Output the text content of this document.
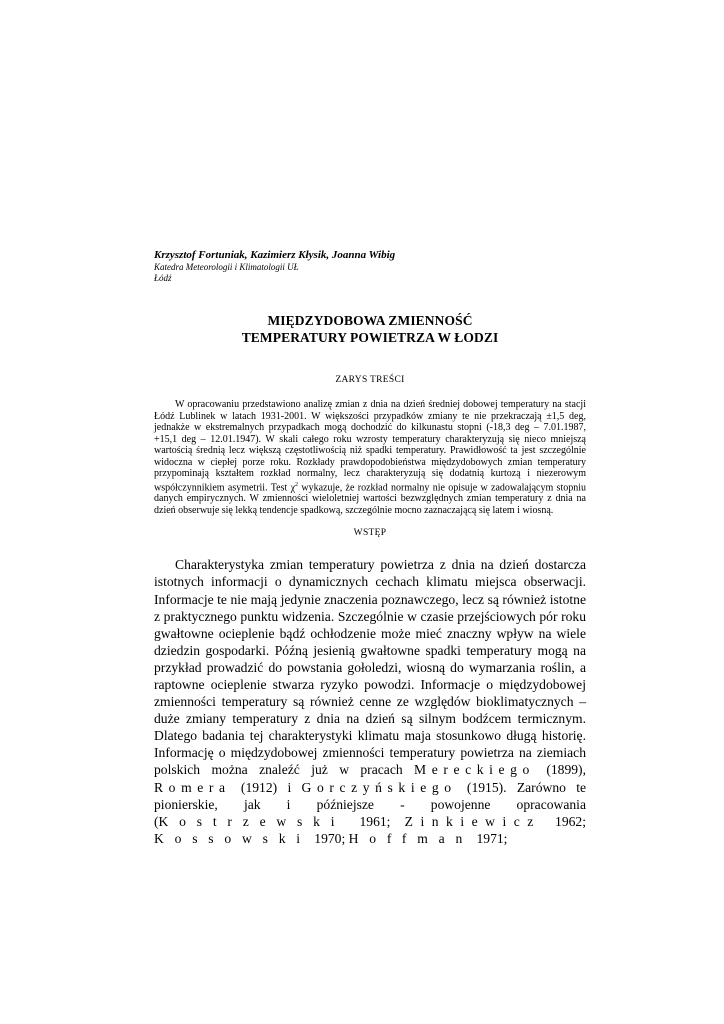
Krzysztof Fortuniak, Kazimierz Kłysik, Joanna Wibig
Katedra Meteorologii i Klimatologii UŁ
Łódź
MIĘDZYDOBOWA ZMIENNOŚĆ
TEMPERATURY POWIETRZA W ŁODZI
ZARYS TREŚCI

W opracowaniu przedstawiono analizę zmian z dnia na dzień średniej dobowej temperatury na stacji Łódź Lublinek w latach 1931-2001. W większości przypadków zmiany te nie przekraczają ±1,5 deg, jednakże w ekstremalnych przypadkach mogą dochodzić do kilkunastu stopni (-18,3 deg – 7.01.1987, +15,1 deg – 12.01.1947). W skali całego roku wzrosty temperatury charakteryzują się nieco mniejszą wartością średnią lecz większą częstotliwością niż spadki temperatury. Prawidłowość ta jest szczególnie widoczna w ciepłej porze roku. Rozkłady prawdopodobieństwa międzydobowych zmian temperatury przypominają kształtem rozkład normalny, lecz charakteryzują się dodatnią kurtozą i niezerowym współczynnikiem asymetrii. Test $\chi^2$ wykazuje, że rozkład normalny nie opisuje w zadowalającym stopniu danych empirycznych. W zmienności wieloletniej wartości bezwzględnych zmian temperatury z dnia na dzień obserwuje się lekką tendencje spadkową, szczególnie mocno zaznaczającą się latem i wiosną.

WSTĘP

Charakterystyka zmian temperatury powietrza z dnia na dzień dostarcza istotnych informacji o dynamicznych cechach klimatu miejsca obserwacji. Informacje te nie mają jedynie znaczenia poznawczego, lecz są również istotne z praktycznego punktu widzenia. Szczególnie w czasie przejściowych pór roku gwałtowne ocieplenie bądź ochłodzenie może mieć znaczny wpływ na wiele dziedzin gospodarki. Późną jesienią gwałtowne spadki temperatury mogą na przykład prowadzić do powstania gołoledzi, wiosną do wymarzania roślin, a raptowne ocieplenie stwarza ryzyko powodzi. Informacje o międzydobowej zmienności temperatury są również cenne ze względów bioklimatycznych – duże zmiany temperatury z dnia na dzień są silnym bodźcem termicznym. Dlatego badania tej charakterystyki klimatu maja stosunkowo długą historię. Informację o międzydobowej zmienności temperatury powietrza na ziemiach polskich można znaleźć już w pracach Mereckiego (1899), Romera (1912) i Gorczyńskiego (1915). Zarówno te pionierskie, jak i późniejsze - powojenne opracowania (Kostrzewski 1961; Zinkiewicz 1962; Kossowski 1970; Hoffman 1971;
